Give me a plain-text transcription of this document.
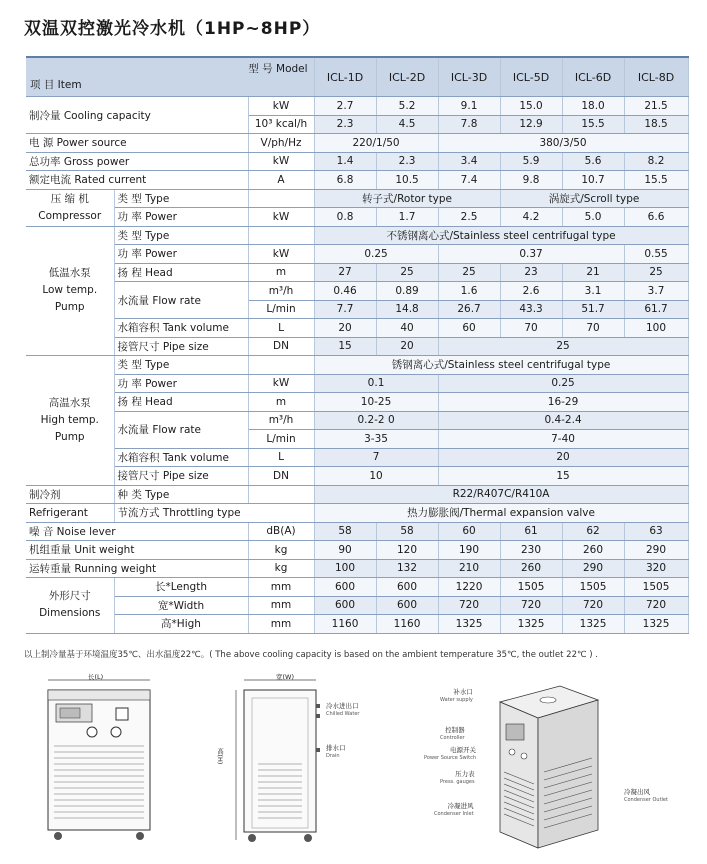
双温双控激光冷水机（1HP~8HP）
型 号 Model
项 目 Item			ICL-1D	ICL-2D	ICL-3D	ICL-5D	ICL-6D	ICL-8D
制冷量 Cooling capacity		kW	2.7	5.2	9.1	15.0	18.0	21.5
		10³ kcal/h	2.3	4.5	7.8	12.9	15.5	18.5
电 源 Power source		V/ph/Hz	220/1/50		380/3/50			
总功率 Gross power		kW	1.4	2.3	3.4	5.9	5.6	8.2
额定电流 Rated current		A	6.8	10.5	7.4	9.8	10.7	15.5
压 缩 机
Compressor	类 型 Type		转子式/Rotor type			涡旋式/Scroll type		
	功 率 Power	kW	0.8	1.7	2.5	4.2	5.0	6.6
低温水泵
Low temp.
Pump	类 型 Type		不锈钢离心式/Stainless steel centrifugal type					
	功 率 Power	kW	0.25		0.37			0.55
	扬 程 Head	m	27	25	25	23	21	25
	水流量 Flow rate	m³/h	0.46	0.89	1.6	2.6	3.1	3.7
		L/min	7.7	14.8	26.7	43.3	51.7	61.7
	水箱容积 Tank volume	L	20	40	60	70	70	100
	接管尺寸 Pipe size	DN	15	20	25			
高温水泵
High temp.
Pump	类 型 Type		锈钢离心式/Stainless steel centrifugal type					
	功 率 Power	kW	0.1		0.25			
	扬 程 Head	m	10-25		16-29			
	水流量 Flow rate	m³/h	0.2-2 0		0.4-2.4			
		L/min	3-35		7-40			
	水箱容积 Tank volume	L	7		20			
	接管尺寸 Pipe size	DN	10		15			
制冷剂	种 类 Type		R22/R407C/R410A					
Refrigerant	节流方式 Throttling type		热力膨胀阀/Thermal expansion valve					
噪 音 Noise lever		dB(A)	58	58	60	61	62	63
机组重量 Unit weight		kg	90	120	190	230	260	290
运转重量 Running weight		kg	100	132	210	260	290	320
外形尺寸
Dimensions	长*Length	mm	600	600	1220	1505	1505	1505
	宽*Width	mm	600	600	720	720	720	720
	高*High	mm	1160	1160	1325	1325	1325	1325
以上制冷量基于环境温度35℃、出水温度22℃。( The above cooling capacity is based on the ambient temperature 35℃, the outlet 22℃ ) .
长(L)	宽(W)
高(H)
冷水进出口
Chilled Water
排水口
Drain
补水口
Water supply
控制器
Controller
电源开关
Power Source Switch
压力表
Press. gauges
冷凝进风
Condenser Inlet
冷凝出风
Condenser Outlet
